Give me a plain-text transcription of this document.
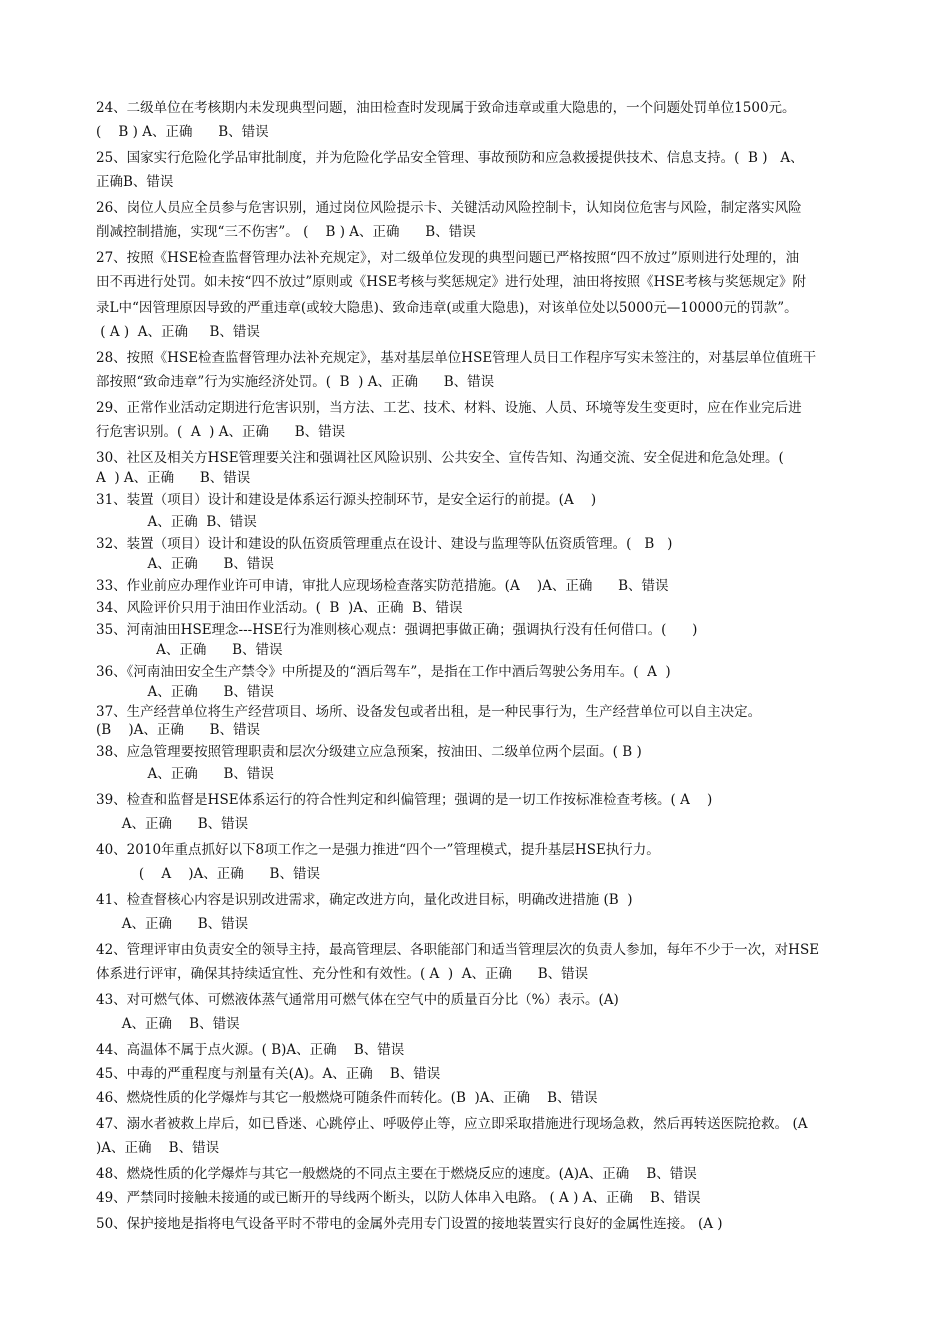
24、二级单位在考核期内未发现典型问题，油田检查时发现属于致命违章或重大隐患的，一个问题处罚单位1500元。
(    B ) A、正确      B、错误
25、国家实行危险化学品审批制度，并为危险化学品安全管理、事故预防和应急救援提供技术、信息支持。(  B )   A、
正确B、错误
26、岗位人员应全员参与危害识别，通过岗位风险提示卡、关键活动风险控制卡，认知岗位危害与风险，制定落实风险
削减控制措施，实现“三不伤害”。 (    B ) A、正确      B、错误
27、按照《HSE检查监督管理办法补充规定》，对二级单位发现的典型问题已严格按照“四不放过”原则进行处理的，油
田不再进行处罚。如未按“四不放过”原则或《HSE考核与奖惩规定》进行处理，油田将按照《HSE考核与奖惩规定》附
录L中“因管理原因导致的严重违章(或较大隐患)、致命违章(或重大隐患)，对该单位处以5000元—10000元的罚款”。
( A )  A、正确     B、错误
28、按照《HSE检查监督管理办法补充规定》，基对基层单位HSE管理人员日工作程序写实未签注的，对基层单位值班干
部按照“致命违章”行为实施经济处罚。(  B  ) A、正确      B、错误
29、正常作业活动定期进行危害识别，当方法、工艺、技术、材料、设施、人员、环境等发生变更时，应在作业完后进
行危害识别。(  A  ) A、正确      B、错误
30、社区及相关方HSE管理要关注和强调社区风险识别、公共安全、宣传告知、沟通交流、安全促进和危急处理。(
A  ) A、正确      B、错误
31、装置（项目）设计和建设是体系运行源头控制环节，是安全运行的前提。(A    )
A、正确  B、错误
32、装置（项目）设计和建设的队伍资质管理重点在设计、建设与监理等队伍资质管理。(   B   )
A、正确      B、错误
33、作业前应办理作业许可申请，审批人应现场检查落实防范措施。(A    )A、正确      B、错误
34、风险评价只用于油田作业活动。(  B  )A、正确  B、错误
35、河南油田HSE理念---HSE行为准则核心观点：强调把事做正确；强调执行没有任何借口。(      )
A、正确      B、错误
36、《河南油田安全生产禁令》中所提及的“酒后驾车”，是指在工作中酒后驾驶公务用车。(  A  )
A、正确      B、错误
37、生产经营单位将生产经营项目、场所、设备发包或者出租，是一种民事行为，生产经营单位可以自主决定。
(B    )A、正确      B、错误
38、应急管理要按照管理职责和层次分级建立应急预案，按油田、二级单位两个层面。( B )
A、正确      B、错误
39、检查和监督是HSE体系运行的符合性判定和纠偏管理；强调的是一切工作按标准检查考核。( A    )
A、正确      B、错误
40、2010年重点抓好以下8项工作之一是强力推进“四个一”管理模式，提升基层HSE执行力。
(    A    )A、正确      B、错误
41、检查督核心内容是识别改进需求，确定改进方向，量化改进目标，明确改进措施 (B  )
A、正确      B、错误
42、管理评审由负责安全的领导主持，最高管理层、各职能部门和适当管理层次的负责人参加，每年不少于一次，对HSE
体系进行评审，确保其持续适宜性、充分性和有效性。( A  )  A、正确      B、错误
43、对可燃气体、可燃液体蒸气通常用可燃气体在空气中的质量百分比（%）表示。(A)
A、正确    B、错误
44、高温体不属于点火源。( B)A、正确    B、错误
45、中毒的严重程度与剂量有关(A)。A、正确    B、错误
46、燃烧性质的化学爆炸与其它一般燃烧可随条件而转化。(B  )A、正确    B、错误
47、溺水者被救上岸后，如已昏迷、心跳停止、呼吸停止等，应立即采取措施进行现场急救，然后再转送医院抢救。 (A
)A、正确    B、错误
48、燃烧性质的化学爆炸与其它一般燃烧的不同点主要在于燃烧反应的速度。(A)A、正确    B、错误
49、严禁同时接触未接通的或已断开的导线两个断头，以防人体串入电路。 ( A ) A、正确    B、错误
50、保护接地是指将电气设备平时不带电的金属外壳用专门设置的接地装置实行良好的金属性连接。 (A )
